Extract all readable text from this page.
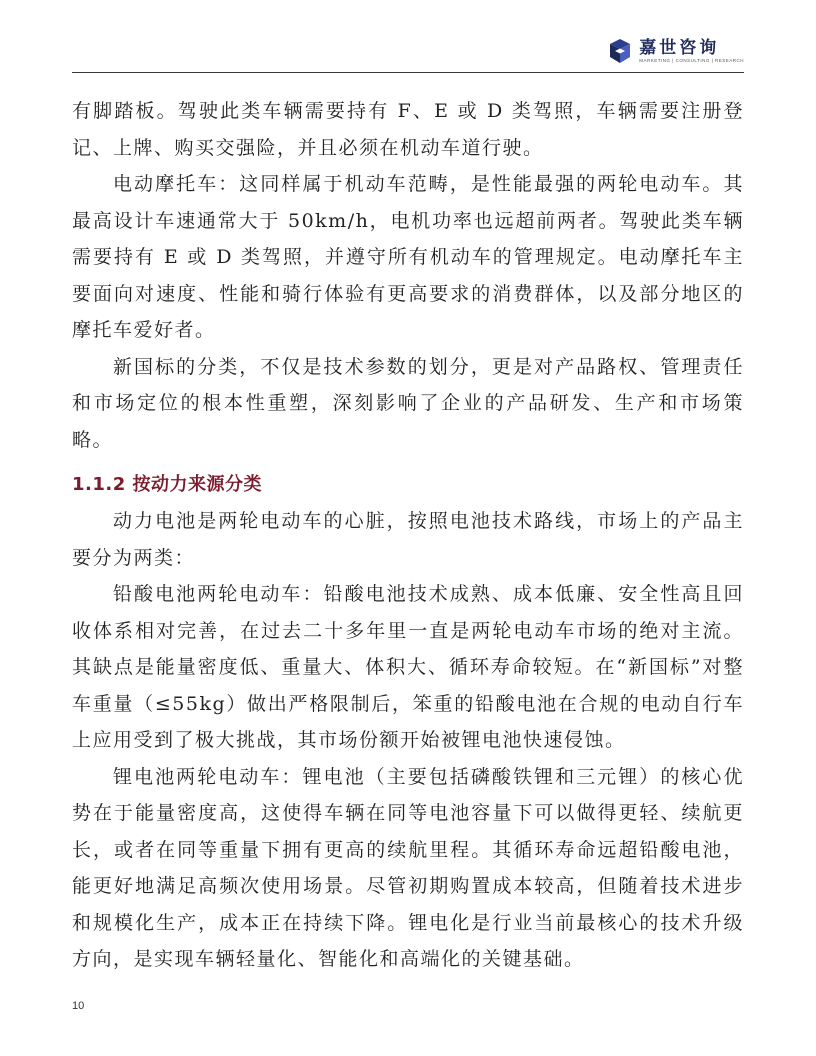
嘉世咨询
MARKETING | CONSULTING | RESEARCH

有脚踏板。驾驶此类车辆需要持有 F、E 或 D 类驾照，车辆需要注册登记、上牌、购买交强险，并且必须在机动车道行驶。

电动摩托车：这同样属于机动车范畴，是性能最强的两轮电动车。其最高设计车速通常大于 50km/h，电机功率也远超前两者。驾驶此类车辆需要持有 E 或 D 类驾照，并遵守所有机动车的管理规定。电动摩托车主要面向对速度、性能和骑行体验有更高要求的消费群体，以及部分地区的摩托车爱好者。

新国标的分类，不仅是技术参数的划分，更是对产品路权、管理责任和市场定位的根本性重塑，深刻影响了企业的产品研发、生产和市场策略。

1.1.2 按动力来源分类

动力电池是两轮电动车的心脏，按照电池技术路线，市场上的产品主要分为两类：

铅酸电池两轮电动车：铅酸电池技术成熟、成本低廉、安全性高且回收体系相对完善，在过去二十多年里一直是两轮电动车市场的绝对主流。其缺点是能量密度低、重量大、体积大、循环寿命较短。在“新国标”对整车重量（≤55kg）做出严格限制后，笨重的铅酸电池在合规的电动自行车上应用受到了极大挑战，其市场份额开始被锂电池快速侵蚀。

锂电池两轮电动车：锂电池（主要包括磷酸铁锂和三元锂）的核心优势在于能量密度高，这使得车辆在同等电池容量下可以做得更轻、续航更长，或者在同等重量下拥有更高的续航里程。其循环寿命远超铅酸电池，能更好地满足高频次使用场景。尽管初期购置成本较高，但随着技术进步和规模化生产，成本正在持续下降。锂电化是行业当前最核心的技术升级方向，是实现车辆轻量化、智能化和高端化的关键基础。

10
